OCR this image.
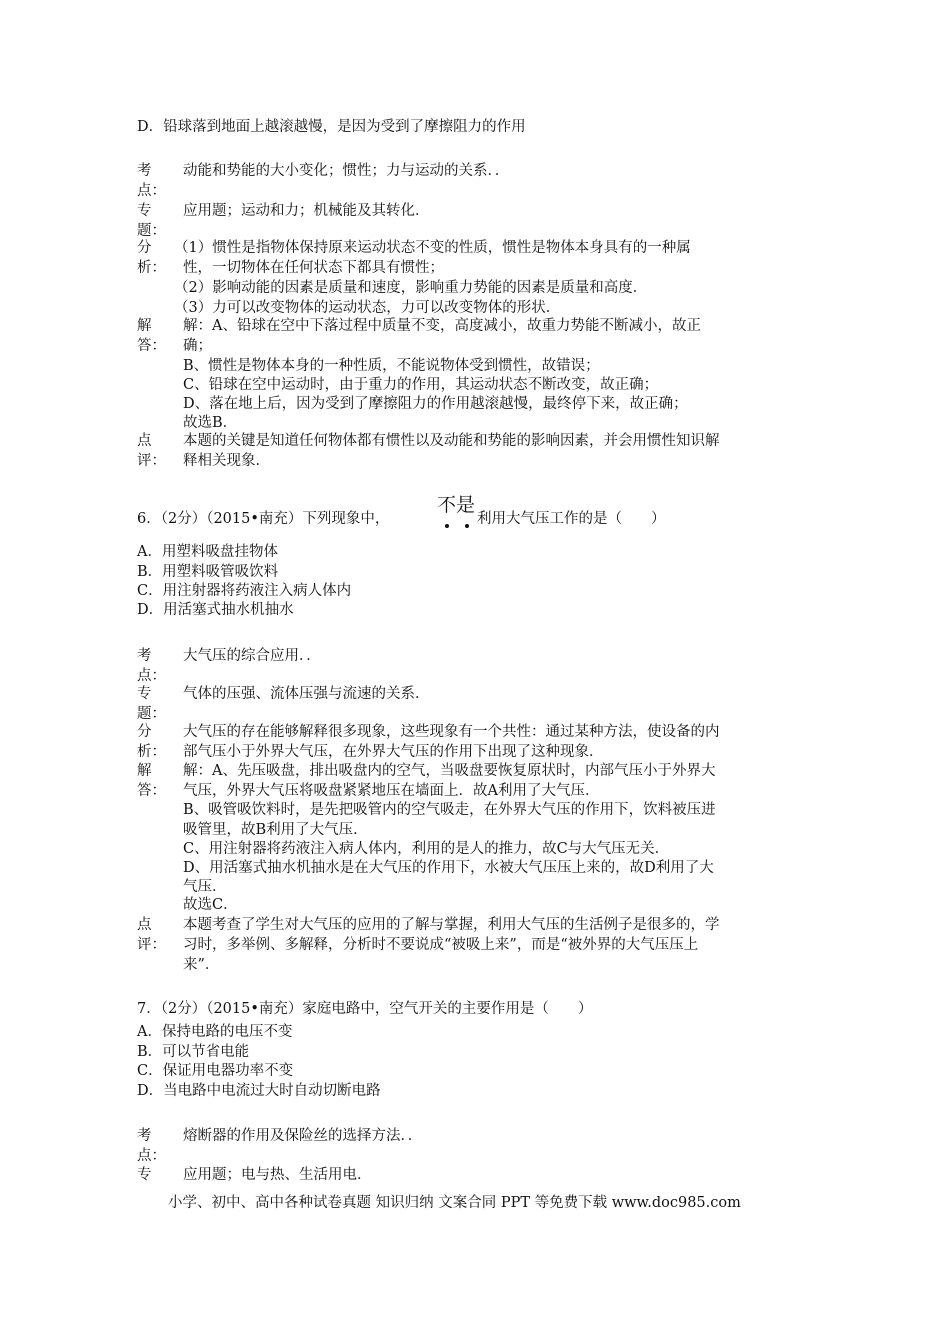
D．铅球落到地面上越滚越慢，是因为受到了摩擦阻力的作用
考
点：
动能和势能的大小变化；惯性；力与运动的关系．．
专
题：
应用题；运动和力；机械能及其转化．
分
析：
（1）惯性是指物体保持原来运动状态不变的性质，惯性是物体本身具有的一种属
性，一切物体在任何状态下都具有惯性；
（2）影响动能的因素是质量和速度，影响重力势能的因素是质量和高度．
（3）力可以改变物体的运动状态，力可以改变物体的形状．
解
答：
解：A、铅球在空中下落过程中质量不变，高度减小，故重力势能不断减小，故正
确；
B、惯性是物体本身的一种性质，不能说物体受到惯性，故错误；
C、铅球在空中运动时，由于重力的作用，其运动状态不断改变，故正确；
D、落在地上后，因为受到了摩擦阻力的作用越滚越慢，最终停下来，故正确；
故选B．
点
评：
本题的关键是知道任何物体都有惯性以及动能和势能的影响因素，并会用惯性知识解
释相关现象．
6．（2分）（2015•南充）下列现象中，
不是
利用大气压工作的是（　　）
A．用塑料吸盘挂物体
B．用塑料吸管吸饮料
C．用注射器将药液注入病人体内
D．用活塞式抽水机抽水
考
点：
大气压的综合应用．．
专
题：
气体的压强、流体压强与流速的关系．
分
析：
大气压的存在能够解释很多现象，这些现象有一个共性：通过某种方法，使设备的内
部气压小于外界大气压，在外界大气压的作用下出现了这种现象．
解
答：
解：A、先压吸盘，排出吸盘内的空气，当吸盘要恢复原状时，内部气压小于外界大
气压，外界大气压将吸盘紧紧地压在墙面上．故A利用了大气压．
B、吸管吸饮料时，是先把吸管内的空气吸走，在外界大气压的作用下，饮料被压进
吸管里，故B利用了大气压．
C、用注射器将药液注入病人体内，利用的是人的推力，故C与大气压无关．
D、用活塞式抽水机抽水是在大气压的作用下，水被大气压压上来的，故D利用了大
气压．
故选C．
点
评：
本题考查了学生对大气压的应用的了解与掌握，利用大气压的生活例子是很多的，学
习时，多举例、多解释，分析时不要说成“被吸上来”，而是“被外界的大气压压上
来”．
7．（2分）（2015•南充）家庭电路中，空气开关的主要作用是（　　）
A．保持电路的电压不变
B．可以节省电能
C．保证用电器功率不变
D．当电路中电流过大时自动切断电路
考
点：
熔断器的作用及保险丝的选择方法．．
专 应用题；电与热、生活用电．
小学、初中、高中各种试卷真题 知识归纳 文案合同 PPT 等免费下载 www.doc985.com
